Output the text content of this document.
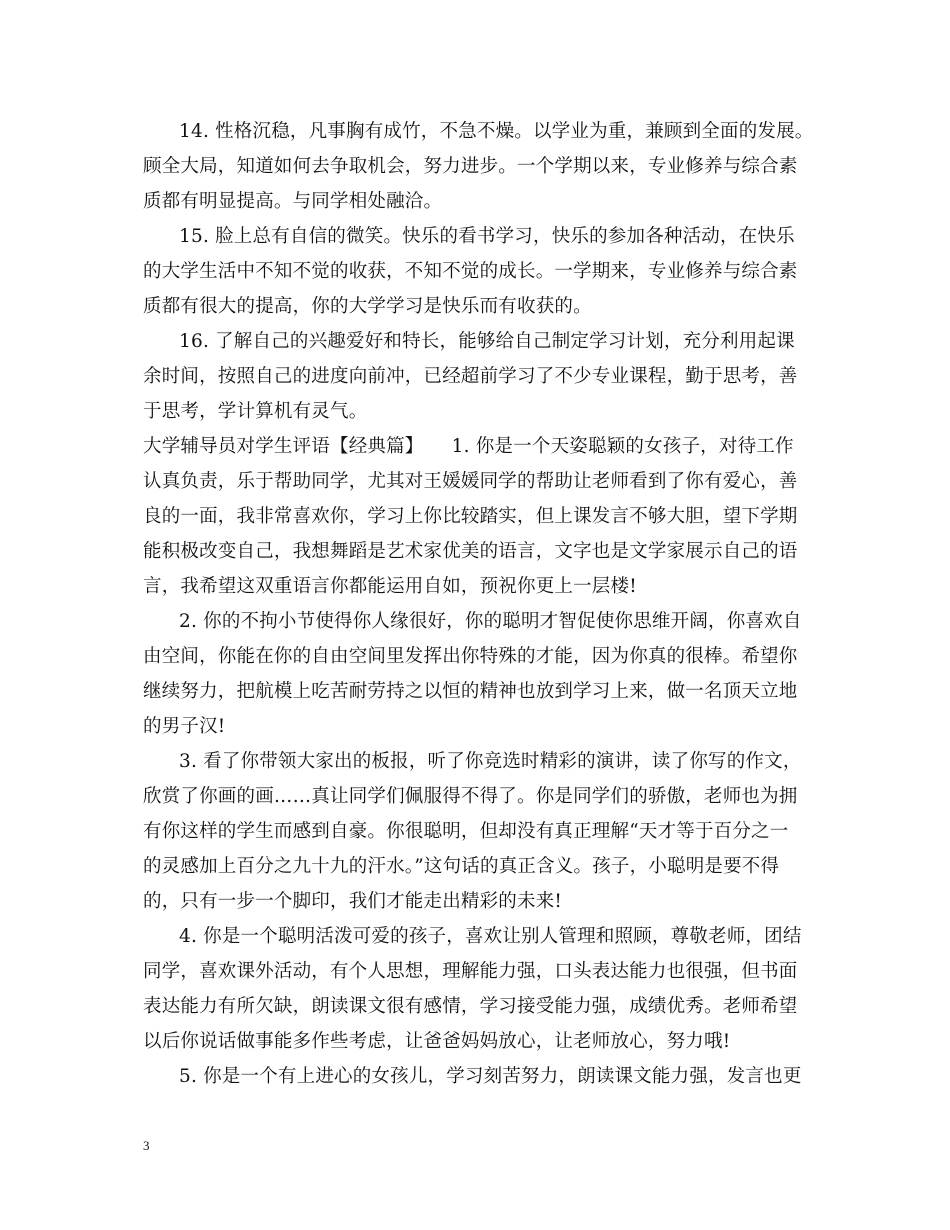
14. 性格沉稳，凡事胸有成竹，不急不燥。以学业为重，兼顾到全面的发展。
顾全大局，知道如何去争取机会，努力进步。一个学期以来，专业修养与综合素
质都有明显提高。与同学相处融洽。
15. 脸上总有自信的微笑。快乐的看书学习，快乐的参加各种活动，在快乐
的大学生活中不知不觉的收获，不知不觉的成长。一学期来，专业修养与综合素
质都有很大的提高，你的大学学习是快乐而有收获的。
16. 了解自己的兴趣爱好和特长，能够给自己制定学习计划，充分利用起课
余时间，按照自己的进度向前冲，已经超前学习了不少专业课程，勤于思考，善
于思考，学计算机有灵气。
大学辅导员对学生评语【经典篇】　　1. 你是一个天姿聪颖的女孩子，对待工作
认真负责，乐于帮助同学，尤其对王媛媛同学的帮助让老师看到了你有爱心，善
良的一面，我非常喜欢你，学习上你比较踏实，但上课发言不够大胆，望下学期
能积极改变自己，我想舞蹈是艺术家优美的语言，文字也是文学家展示自己的语
言，我希望这双重语言你都能运用自如，预祝你更上一层楼!
2. 你的不拘小节使得你人缘很好，你的聪明才智促使你思维开阔，你喜欢自
由空间，你能在你的自由空间里发挥出你特殊的才能，因为你真的很棒。希望你
继续努力，把航模上吃苦耐劳持之以恒的精神也放到学习上来，做一名顶天立地
的男子汉!
3. 看了你带领大家出的板报，听了你竞选时精彩的演讲，读了你写的作文，
欣赏了你画的画……真让同学们佩服得不得了。你是同学们的骄傲，老师也为拥
有你这样的学生而感到自豪。你很聪明，但却没有真正理解“天才等于百分之一
的灵感加上百分之九十九的汗水。”这句话的真正含义。孩子，小聪明是要不得
的，只有一步一个脚印，我们才能走出精彩的未来!
4. 你是一个聪明活泼可爱的孩子，喜欢让别人管理和照顾，尊敬老师，团结
同学，喜欢课外活动，有个人思想，理解能力强，口头表达能力也很强，但书面
表达能力有所欠缺，朗读课文很有感情，学习接受能力强，成绩优秀。老师希望
以后你说话做事能多作些考虑，让爸爸妈妈放心，让老师放心，努力哦!
5. 你是一个有上进心的女孩儿，学习刻苦努力，朗读课文能力强，发言也更
3
